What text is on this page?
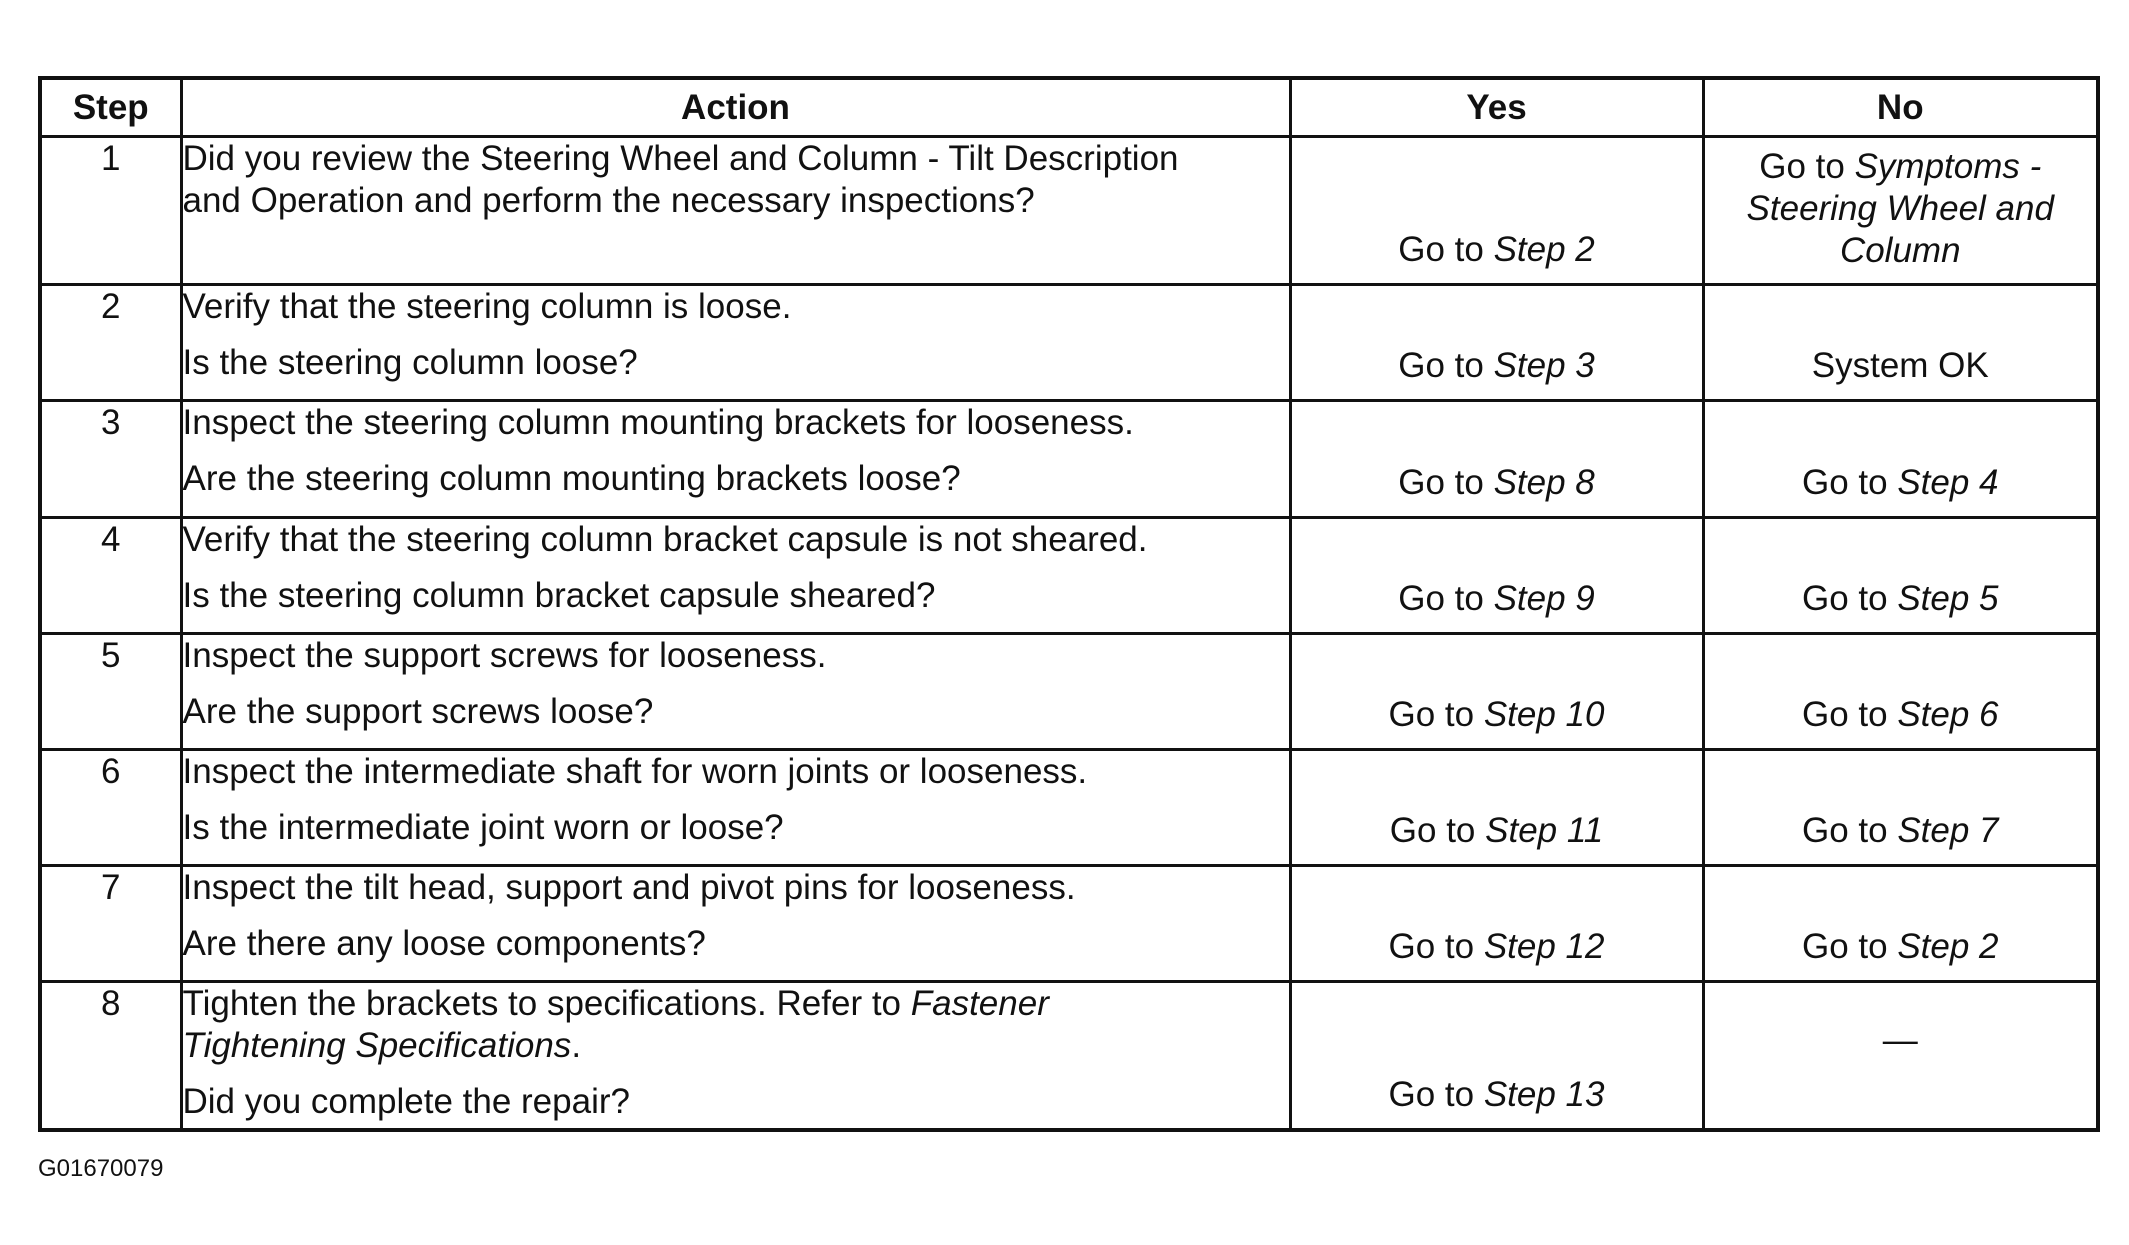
Step	Action	Yes	No
1	Did you review the Steering Wheel and Column - Tilt Description
and Operation and perform the necessary inspections?	Go to Step 2	Go to Symptoms - Steering Wheel and Column

2	Verify that the steering column is loose.
Is the steering column loose?	Go to Step 3	System OK

3	Inspect the steering column mounting brackets for looseness.
Are the steering column mounting brackets loose?	Go to Step 8	Go to Step 4

4	Verify that the steering column bracket capsule is not sheared.
Is the steering column bracket capsule sheared?	Go to Step 9	Go to Step 5

5	Inspect the support screws for looseness.
Are the support screws loose?	Go to Step 10	Go to Step 6

6	Inspect the intermediate shaft for worn joints or looseness.
Is the intermediate joint worn or loose?	Go to Step 11	Go to Step 7

7	Inspect the tilt head, support and pivot pins for looseness.
Are there any loose components?	Go to Step 12	Go to Step 2

8	Tighten the brackets to specifications. Refer to Fastener
Tightening Specifications.
Did you complete the repair?	Go to Step 13	—
G01670079
